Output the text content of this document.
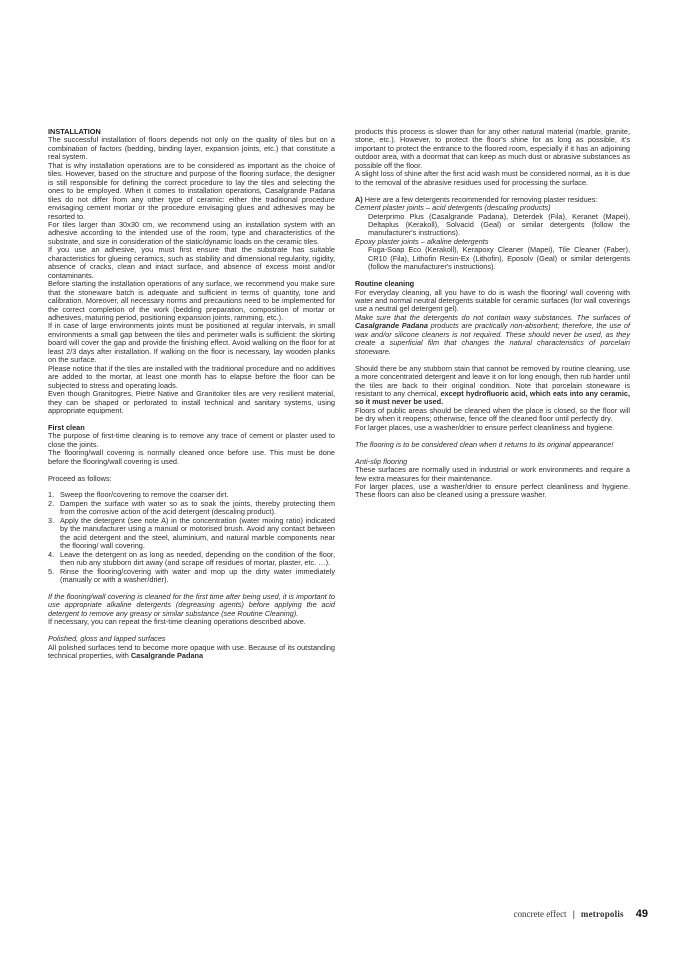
INSTALLATION

The successful installation of floors depends not only on the quality of tiles but on a combination of factors (bedding, binding layer, expansion joints, etc.) that constitute a real system.

That is why installation operations are to be considered as important as the choice of tiles. However, based on the structure and purpose of the flooring surface, the designer is still responsible for defining the correct procedure to lay the tiles and selecting the ones to be employed. When it comes to installation operations, Casalgrande Padana tiles do not differ from any other type of ceramic: either the traditional procedure envisaging cement mortar or the procedure envisaging glues and adhesives may be resorted to.

For tiles larger than 30x30 cm, we recommend using an installation system with an adhesive according to the intended use of the room, type and characteristics of the substrate, and size in consideration of the static/dynamic loads on the ceramic tiles.

If you use an adhesive, you must first ensure that the substrate has suitable characteristics for glueing ceramics, such as stability and dimensional regularity, rigidity, absence of cracks, clean and intact surface, and absence of excess moist and/or contaminants.

Before starting the installation operations of any surface, we recommend you make sure that the stoneware batch is adequate and sufficient in terms of quantity, tone and calibration. Moreover, all necessary norms and precautions need to be implemented for the correct completion of the work (bedding preparation, composition of mortar or adhesives, maturing period, positioning expansion joints, ramming, etc.).

If in case of large environments joints must be positioned at regular intervals, in small environments a small gap between the tiles and perimeter walls is sufficient: the skirting board will cover the gap and provide the finishing effect. Avoid walking on the floor for at least 2/3 days after installation. If walking on the floor is necessary, lay wooden planks on the surface.

Please notice that if the tiles are installed with the traditional procedure and no additives are added to the mortar, at least one month has to elapse before the floor can be subjected to stress and operating loads.

Even though Granitogres, Pietre Native and Granitoker tiles are very resilient material, they can be shaped or perforated to install technical and sanitary systems, using appropriate equipment.

First clean

The purpose of first-time cleaning is to remove any trace of cement or plaster used to close the joints.

The flooring/wall covering is normally cleaned once before use. This must be done before the flooring/wall covering is used.

Proceed as follows:

1. Sweep the floor/covering to remove the coarser dirt.
2. Dampen the surface with water so as to soak the joints, thereby protecting them from the corrosive action of the acid detergent (descaling product).
3. Apply the detergent (see note A) in the concentration (water mixing ratio) indicated by the manufacturer using a manual or motorised brush. Avoid any contact between the acid detergent and the steel, aluminium, and natural marble components near the flooring/ wall covering.
4. Leave the detergent on as long as needed, depending on the condition of the floor, then rub any stubborn dirt away (and scrape off residues of mortar, plaster, etc. …).
5. Rinse the flooring/covering with water and mop up the dirty water immediately (manually or with a washer/drier).

If the flooring/wall covering is cleaned for the first time after being used, it is important to use appropriate alkaline detergents (degreasing agents) before applying the acid detergent to remove any greasy or similar substance (see Routine Cleaning).

If necessary, you can repeat the first-time cleaning operations described above.

Polished, gloss and lapped surfaces

All polished surfaces tend to become more opaque with use. Because of its outstanding technical properties, with Casalgrande Padana

products this process is slower than for any other natural material (marble, granite, stone, etc.). However, to protect the floor's shine for as long as possible, it's important to protect the entrance to the floored room, especially if it has an adjoining outdoor area, with a doormat that can keep as much dust or abrasive substances as possible off the floor.

A slight loss of shine after the first acid wash must be considered normal, as it is due to the removal of the abrasive residues used for processing the surface.

A) Here are a few detergents recommended for removing plaster residues:

Cement plaster joints – acid detergents (descaling products)

Deterprimo Plus (Casalgrande Padana), Deterdek (Fila), Keranet (Mapei), Deltaplus (Kerakoll), Solvacid (Geal) or similar detergents (follow the manufacturer's instructions).

Epoxy plaster joints – alkaline detergents

Fuga-Soap Eco (Kerakoll), Kerapoxy Cleaner (Mapei), Tile Cleaner (Faber), CR10 (Fila), Lithofin Resin-Ex (Lithofin), Eposolv (Geal) or similar detergents (follow the manufacturer's instructions).

Routine cleaning

For everyday cleaning, all you have to do is wash the flooring/ wall covering with water and normal neutral detergents suitable for ceramic surfaces (for wall coverings use a neutral gel detergent gel).

Make sure that the detergents do not contain waxy substances. The surfaces of Casalgrande Padana products are practically non-absorbent; therefore, the use of wax and/or silicone cleaners is not required. These should never be used, as they create a superficial film that changes the natural characteristics of porcelain stoneware.

Should there be any stubborn stain that cannot be removed by routine cleaning, use a more concentrated detergent and leave it on for long enough, then rub harder until the tiles are back to their original condition. Note that porcelain stoneware is resistant to any chemical, except hydrofluoric acid, which eats into any ceramic, so it must never be used.

Floors of public areas should be cleaned when the place is closed, so the floor will be dry when it reopens; otherwise, fence off the cleaned floor until perfectly dry.

For larger places, use a washer/drier to ensure perfect cleanliness and hygiene.

The flooring is to be considered clean when it returns to its original appearance!

Anti-slip flooring

These surfaces are normally used in industrial or work environments and require a few extra measures for their maintenance.

For larger places, use a washer/drier to ensure perfect cleanliness and hygiene. These floors can also be cleaned using a pressure washer.

concrete effect | metropolis 49
